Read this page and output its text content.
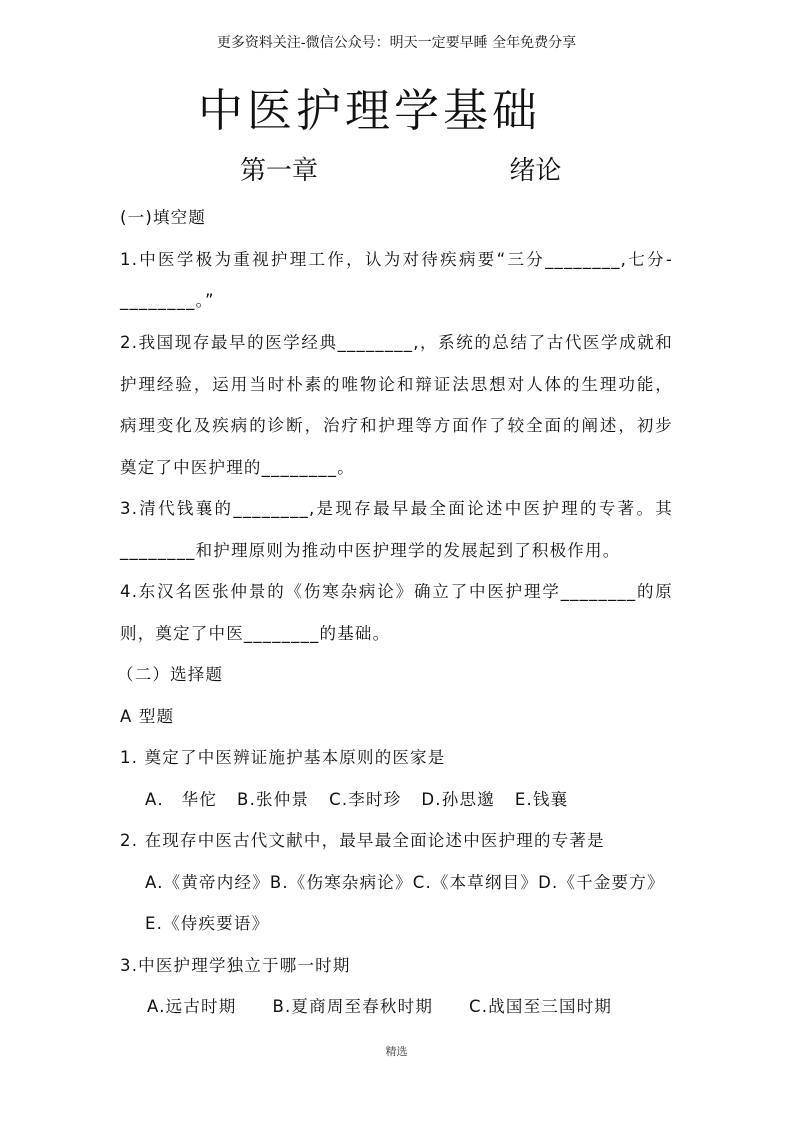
更多资料关注-微信公众号：明天一定要早睡 全年免费分享
中医护理学基础
第一章     绪论
(一)填空题
1.中医学极为重视护理工作，认为对待疾病要“三分________,七分-
________。”
2.我国现存最早的医学经典________,，系统的总结了古代医学成就和
护理经验，运用当时朴素的唯物论和辩证法思想对人体的生理功能，
病理变化及疾病的诊断，治疗和护理等方面作了较全面的阐述，初步
奠定了中医护理的________。
3.清代钱襄的________,是现存最早最全面论述中医护理的专著。其
________和护理原则为推动中医护理学的发展起到了积极作用。
4.东汉名医张仲景的《伤寒杂病论》确立了中医护理学________的原
则，奠定了中医________的基础。
（二）选择题
A 型题
1. 奠定了中医辨证施护基本原则的医家是
A． 华佗 B.张仲景 C.李时珍 D.孙思邈 E.钱襄
2. 在现存中医古代文献中，最早最全面论述中医护理的专著是
A.《黄帝内经》B.《伤寒杂病论》C.《本草纲目》D.《千金要方》
E.《侍疾要语》
3.中医护理学独立于哪一时期
A.远古时期 B.夏商周至春秋时期 C.战国至三国时期
精选
